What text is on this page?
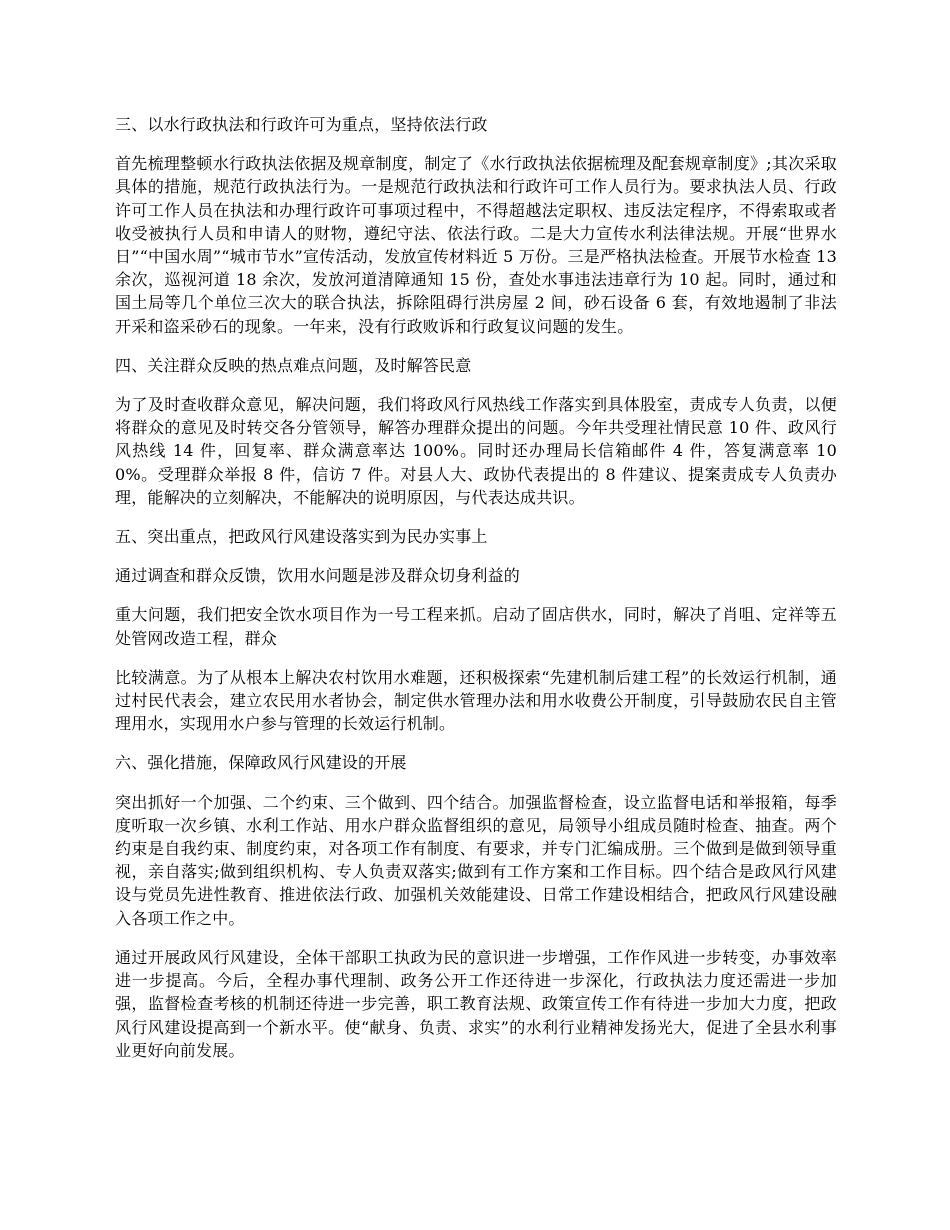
三、以水行政执法和行政许可为重点，坚持依法行政

首先梳理整顿水行政执法依据及规章制度，制定了《水行政执法依据梳理及配套规章制度》;其次采取具体的措施，规范行政执法行为。一是规范行政执法和行政许可工作人员行为。要求执法人员、行政许可工作人员在执法和办理行政许可事项过程中，不得超越法定职权、违反法定程序，不得索取或者收受被执行人员和申请人的财物，遵纪守法、依法行政。二是大力宣传水利法律法规。开展“世界水日”“中国水周”“城市节水”宣传活动，发放宣传材料近 5 万份。三是严格执法检查。开展节水检查 13 余次，巡视河道 18 余次，发放河道清障通知 15 份，查处水事违法违章行为 10 起。同时，通过和国土局等几个单位三次大的联合执法，拆除阻碍行洪房屋 2 间，砂石设备 6 套，有效地遏制了非法开采和盗采砂石的现象。一年来，没有行政败诉和行政复议问题的发生。

四、关注群众反映的热点难点问题，及时解答民意

为了及时查收群众意见，解决问题，我们将政风行风热线工作落实到具体股室，责成专人负责，以便将群众的意见及时转交各分管领导，解答办理群众提出的问题。今年共受理社情民意 10 件、政风行风热线 14 件，回复率、群众满意率达 100%。同时还办理局长信箱邮件 4 件，答复满意率 100%。受理群众举报 8 件，信访 7 件。对县人大、政协代表提出的 8 件建议、提案责成专人负责办理，能解决的立刻解决，不能解决的说明原因，与代表达成共识。

五、突出重点，把政风行风建设落实到为民办实事上

通过调查和群众反馈，饮用水问题是涉及群众切身利益的

重大问题，我们把安全饮水项目作为一号工程来抓。启动了固店供水，同时，解决了肖咀、定祥等五处管网改造工程，群众

比较满意。为了从根本上解决农村饮用水难题，还积极探索“先建机制后建工程”的长效运行机制，通过村民代表会，建立农民用水者协会，制定供水管理办法和用水收费公开制度，引导鼓励农民自主管理用水，实现用水户参与管理的长效运行机制。

六、强化措施，保障政风行风建设的开展

突出抓好一个加强、二个约束、三个做到、四个结合。加强监督检查，设立监督电话和举报箱，每季度听取一次乡镇、水利工作站、用水户群众监督组织的意见，局领导小组成员随时检查、抽查。两个约束是自我约束、制度约束，对各项工作有制度、有要求，并专门汇编成册。三个做到是做到领导重视，亲自落实;做到组织机构、专人负责双落实;做到有工作方案和工作目标。四个结合是政风行风建设与党员先进性教育、推进依法行政、加强机关效能建设、日常工作建设相结合，把政风行风建设融入各项工作之中。

通过开展政风行风建设，全体干部职工执政为民的意识进一步增强，工作作风进一步转变，办事效率进一步提高。今后，全程办事代理制、政务公开工作还待进一步深化，行政执法力度还需进一步加强，监督检查考核的机制还待进一步完善，职工教育法规、政策宣传工作有待进一步加大力度，把政风行风建设提高到一个新水平。使“献身、负责、求实”的水利行业精神发扬光大，促进了全县水利事业更好向前发展。
